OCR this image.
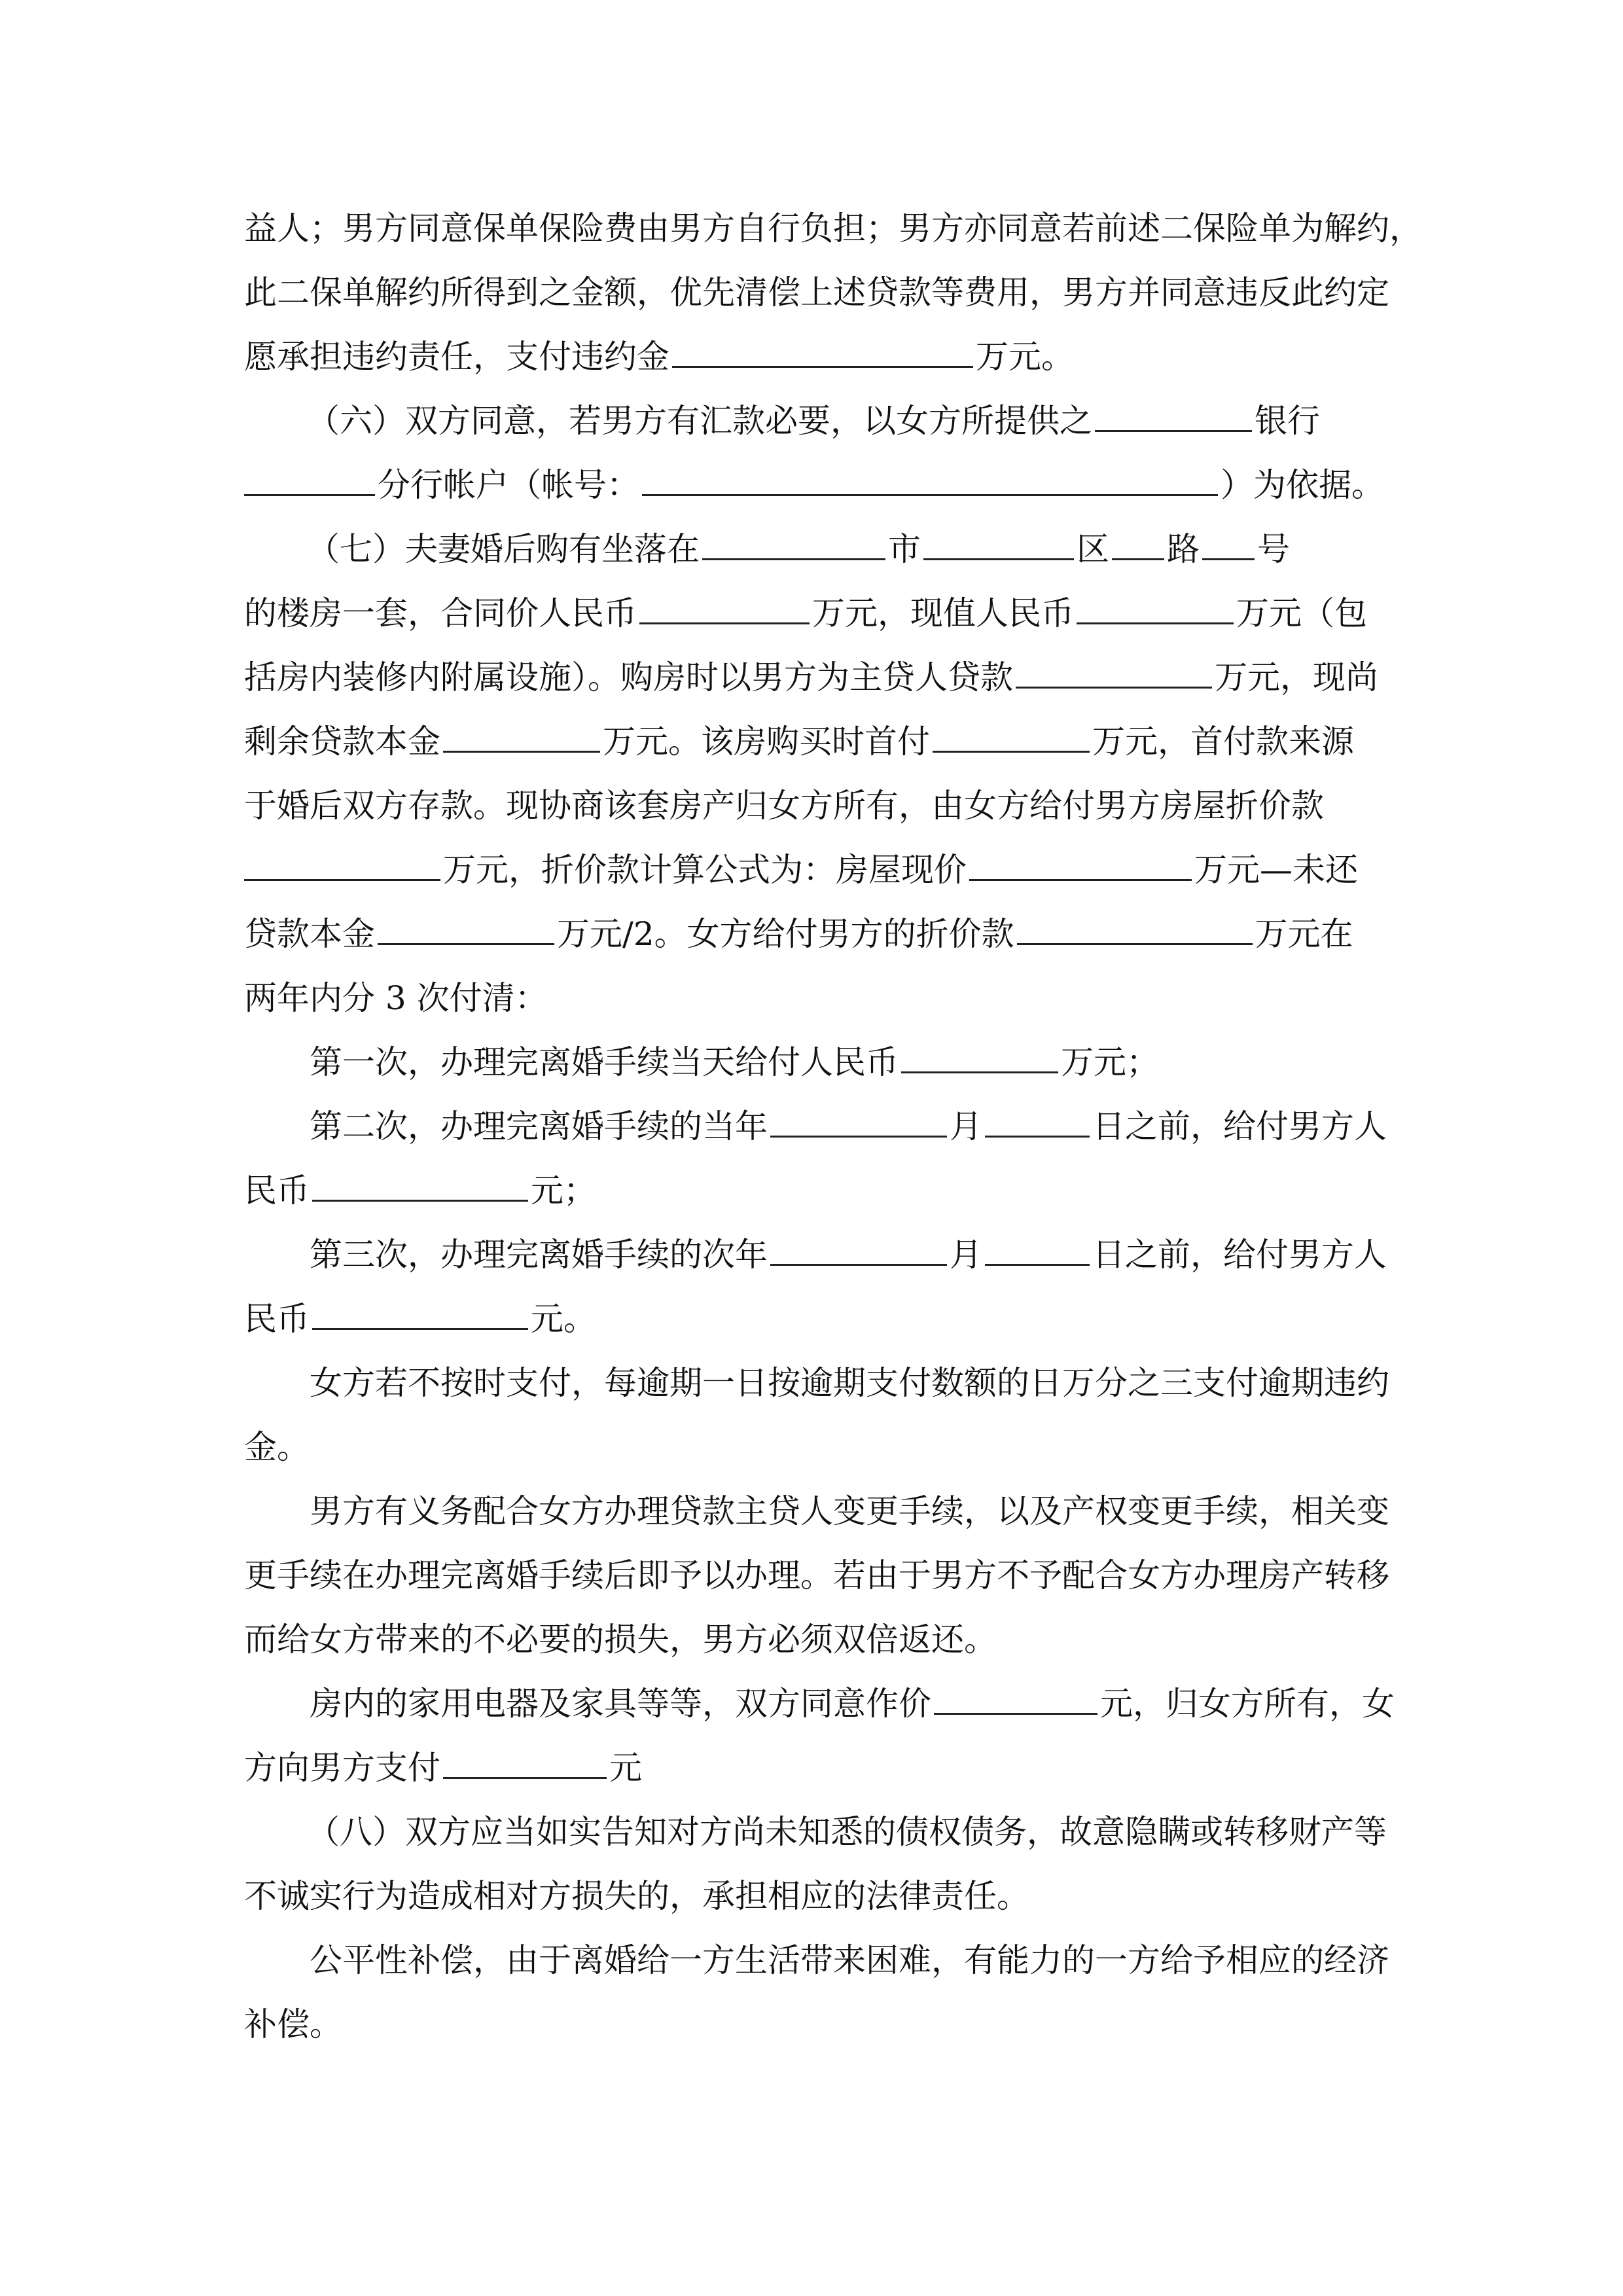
益人；男方同意保单保险费由男方自行负担；男方亦同意若前述二保险单为解约，
此二保单解约所得到之金额，优先清偿上述贷款等费用，男方并同意违反此约定
愿承担违约责任，支付违约金	万元。
（六）双方同意，若男方有汇款必要，以女方所提供之	银行
分行帐户（帐号：	）为依据。
（七）夫妻婚后购有坐落在	市	区 路 号
的楼房一套，合同价人民币	万元，现值人民币	万元（包
括房内装修内附属设施）。购房时以男方为主贷人贷款	万元，现尚
剩余贷款本金	万元。该房购买时首付	万元，首付款来源
于婚后双方存款。现协商该套房产归女方所有，由女方给付男方房屋折价款
万元，折价款计算公式为：房屋现价	万元—未还
贷款本金	万元/2。女方给付男方的折价款	万元在
两年内分 3 次付清：
第一次，办理完离婚手续当天给付人民币	万元；
第二次，办理完离婚手续的当年	月	日之前，给付男方人
民币	元；
第三次，办理完离婚手续的次年	月	日之前，给付男方人
民币	元。
女方若不按时支付，每逾期一日按逾期支付数额的日万分之三支付逾期违约
金。
男方有义务配合女方办理贷款主贷人变更手续，以及产权变更手续，相关变
更手续在办理完离婚手续后即予以办理。若由于男方不予配合女方办理房产转移
而给女方带来的不必要的损失，男方必须双倍返还。
房内的家用电器及家具等等，双方同意作价	元，归女方所有，女
方向男方支付	元
（八）双方应当如实告知对方尚未知悉的债权债务，故意隐瞒或转移财产等
不诚实行为造成相对方损失的，承担相应的法律责任。
公平性补偿，由于离婚给一方生活带来困难，有能力的一方给予相应的经济
补偿。
